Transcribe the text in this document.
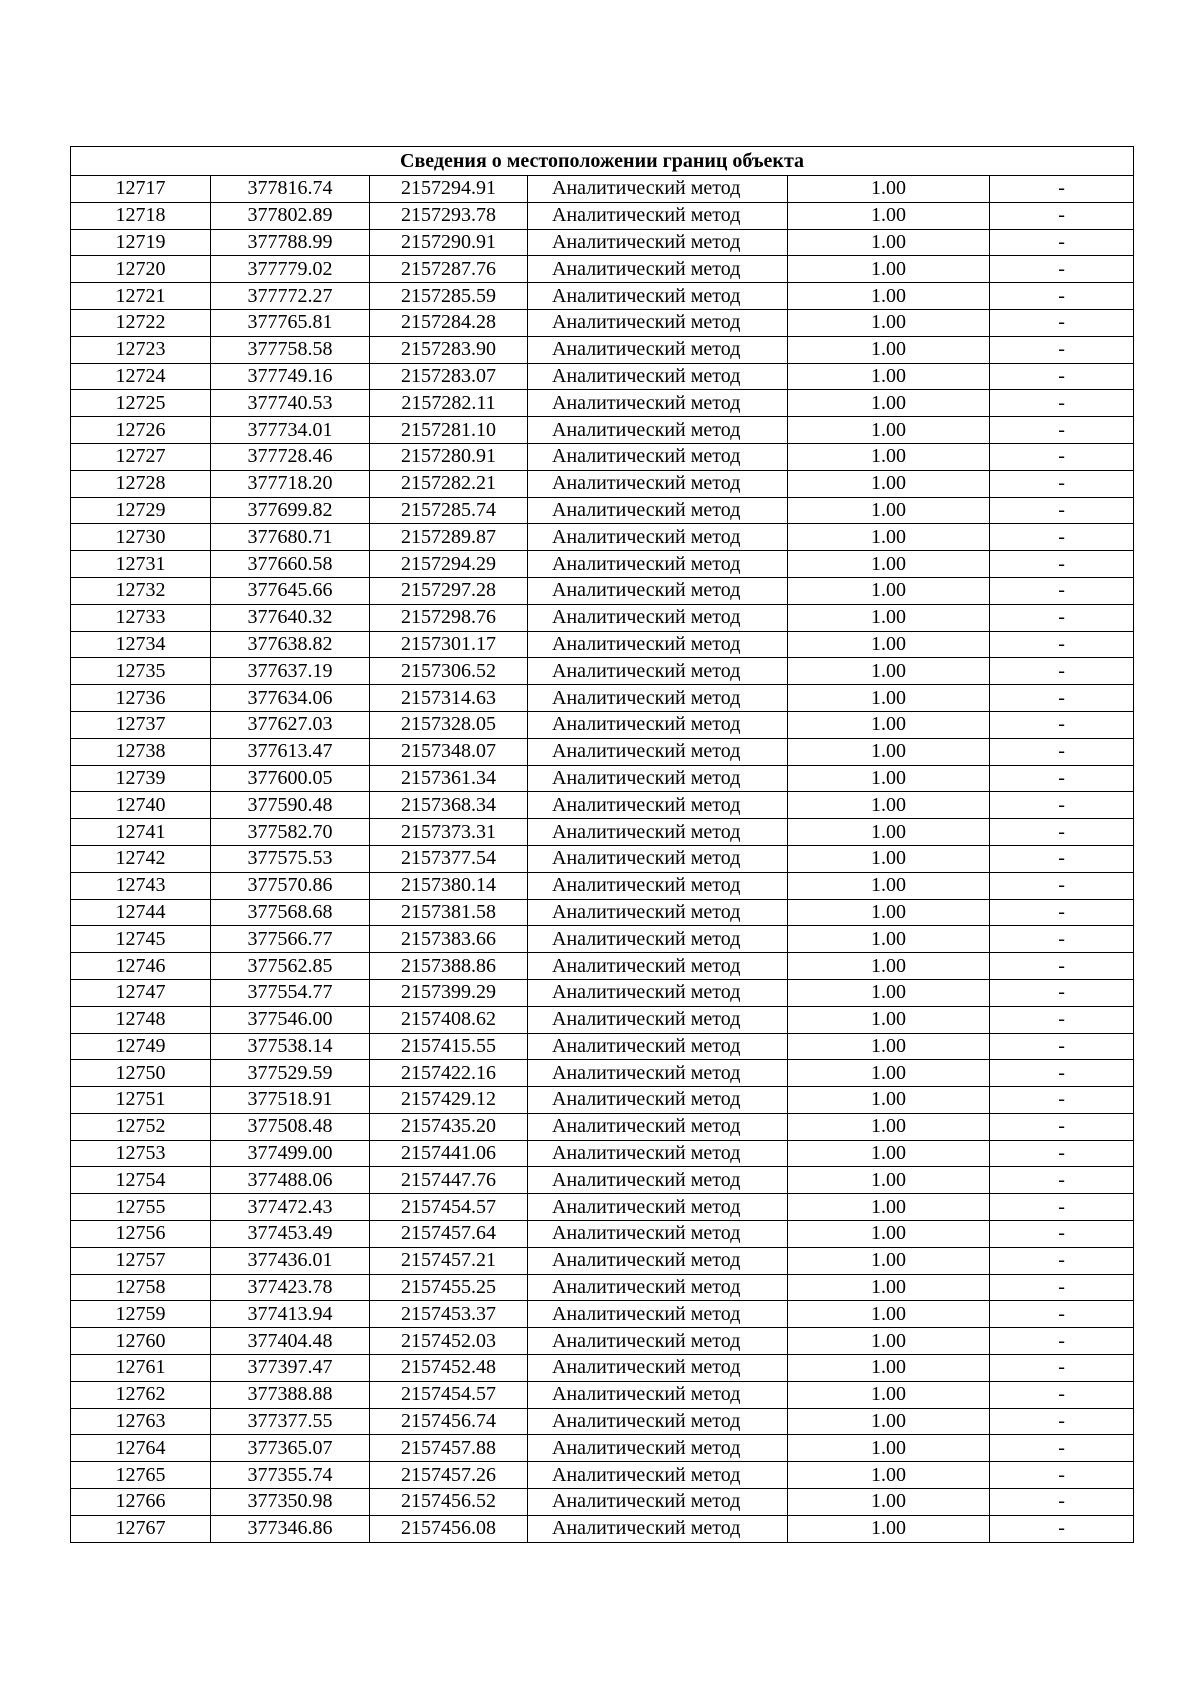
Сведения о местоположении границ объекта					
12717	377816.74	2157294.91	Аналитический метод	1.00	-
12718	377802.89	2157293.78	Аналитический метод	1.00	-
12719	377788.99	2157290.91	Аналитический метод	1.00	-
12720	377779.02	2157287.76	Аналитический метод	1.00	-
12721	377772.27	2157285.59	Аналитический метод	1.00	-
12722	377765.81	2157284.28	Аналитический метод	1.00	-
12723	377758.58	2157283.90	Аналитический метод	1.00	-
12724	377749.16	2157283.07	Аналитический метод	1.00	-
12725	377740.53	2157282.11	Аналитический метод	1.00	-
12726	377734.01	2157281.10	Аналитический метод	1.00	-
12727	377728.46	2157280.91	Аналитический метод	1.00	-
12728	377718.20	2157282.21	Аналитический метод	1.00	-
12729	377699.82	2157285.74	Аналитический метод	1.00	-
12730	377680.71	2157289.87	Аналитический метод	1.00	-
12731	377660.58	2157294.29	Аналитический метод	1.00	-
12732	377645.66	2157297.28	Аналитический метод	1.00	-
12733	377640.32	2157298.76	Аналитический метод	1.00	-
12734	377638.82	2157301.17	Аналитический метод	1.00	-
12735	377637.19	2157306.52	Аналитический метод	1.00	-
12736	377634.06	2157314.63	Аналитический метод	1.00	-
12737	377627.03	2157328.05	Аналитический метод	1.00	-
12738	377613.47	2157348.07	Аналитический метод	1.00	-
12739	377600.05	2157361.34	Аналитический метод	1.00	-
12740	377590.48	2157368.34	Аналитический метод	1.00	-
12741	377582.70	2157373.31	Аналитический метод	1.00	-
12742	377575.53	2157377.54	Аналитический метод	1.00	-
12743	377570.86	2157380.14	Аналитический метод	1.00	-
12744	377568.68	2157381.58	Аналитический метод	1.00	-
12745	377566.77	2157383.66	Аналитический метод	1.00	-
12746	377562.85	2157388.86	Аналитический метод	1.00	-
12747	377554.77	2157399.29	Аналитический метод	1.00	-
12748	377546.00	2157408.62	Аналитический метод	1.00	-
12749	377538.14	2157415.55	Аналитический метод	1.00	-
12750	377529.59	2157422.16	Аналитический метод	1.00	-
12751	377518.91	2157429.12	Аналитический метод	1.00	-
12752	377508.48	2157435.20	Аналитический метод	1.00	-
12753	377499.00	2157441.06	Аналитический метод	1.00	-
12754	377488.06	2157447.76	Аналитический метод	1.00	-
12755	377472.43	2157454.57	Аналитический метод	1.00	-
12756	377453.49	2157457.64	Аналитический метод	1.00	-
12757	377436.01	2157457.21	Аналитический метод	1.00	-
12758	377423.78	2157455.25	Аналитический метод	1.00	-
12759	377413.94	2157453.37	Аналитический метод	1.00	-
12760	377404.48	2157452.03	Аналитический метод	1.00	-
12761	377397.47	2157452.48	Аналитический метод	1.00	-
12762	377388.88	2157454.57	Аналитический метод	1.00	-
12763	377377.55	2157456.74	Аналитический метод	1.00	-
12764	377365.07	2157457.88	Аналитический метод	1.00	-
12765	377355.74	2157457.26	Аналитический метод	1.00	-
12766	377350.98	2157456.52	Аналитический метод	1.00	-
12767	377346.86	2157456.08	Аналитический метод	1.00	-
